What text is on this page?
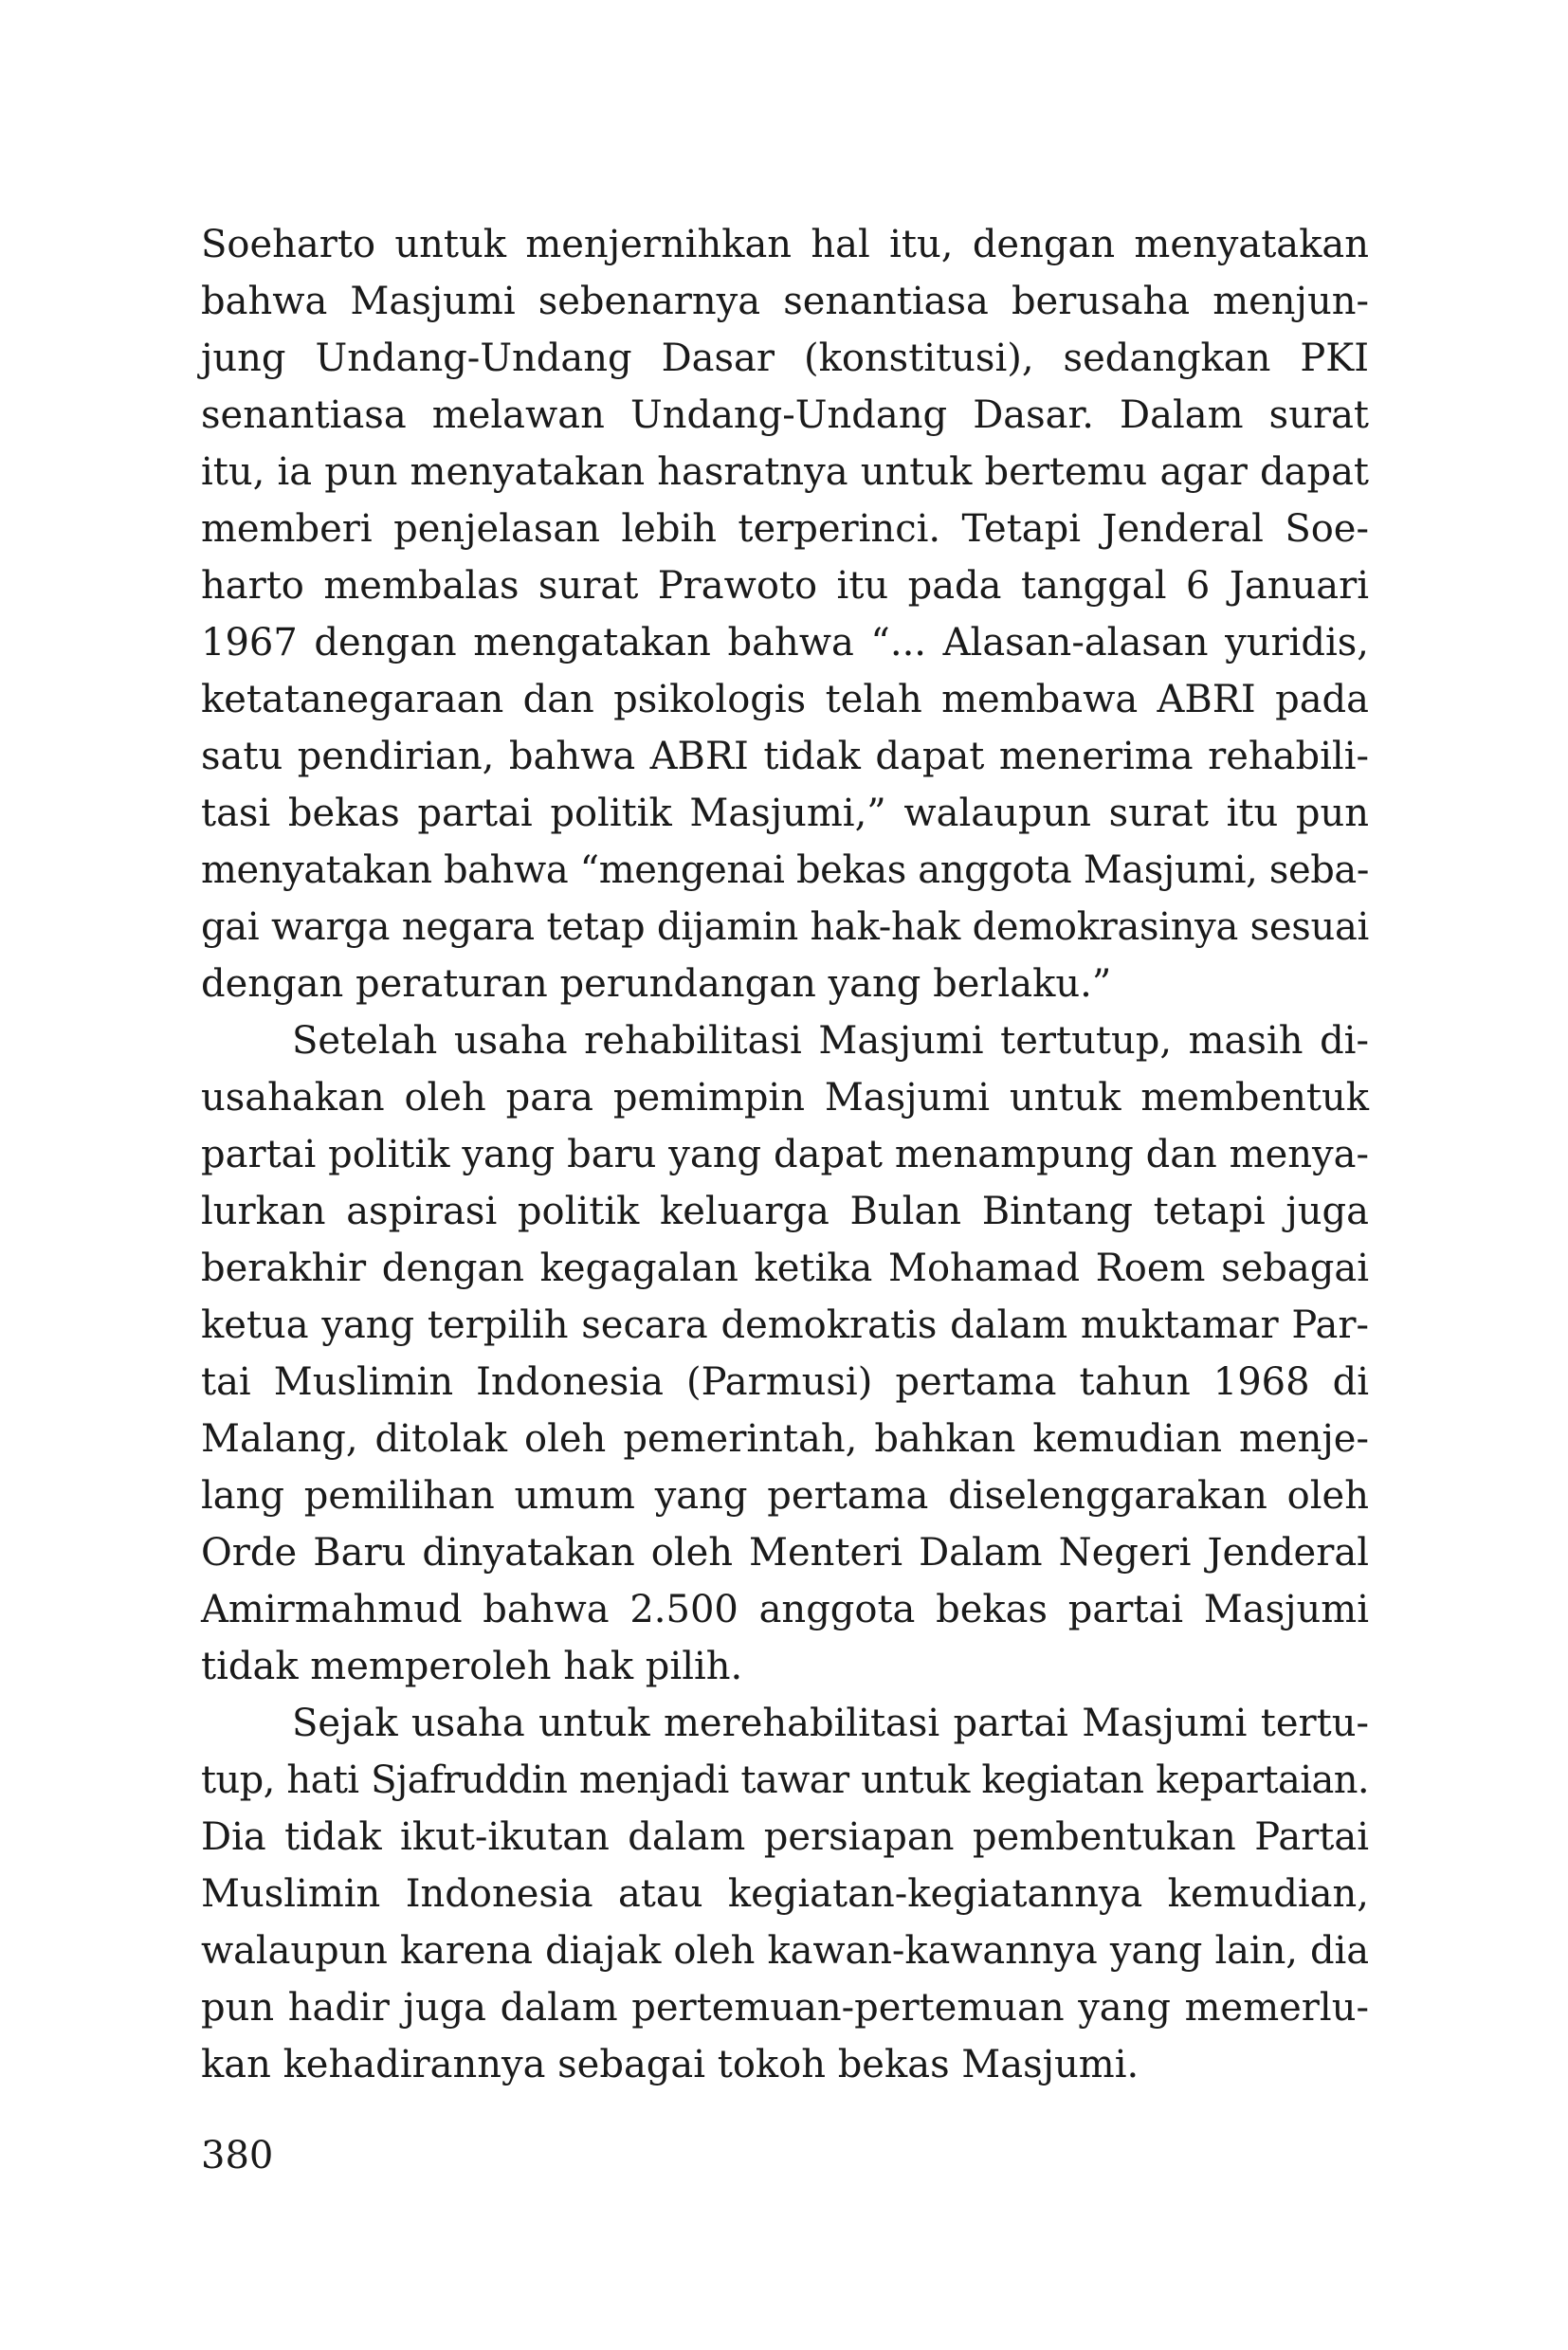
Soeharto untuk menjernihkan hal itu, dengan menyatakan
bahwa Masjumi sebenarnya senantiasa berusaha menjun-
jung Undang-Undang Dasar (konstitusi), sedangkan PKI
senantiasa melawan Undang-Undang Dasar. Dalam surat
itu, ia pun menyatakan hasratnya untuk bertemu agar dapat
memberi penjelasan lebih terperinci. Tetapi Jenderal Soe-
harto membalas surat Prawoto itu pada tanggal 6 Januari
1967 dengan mengatakan bahwa “... Alasan-alasan yuridis,
ketatanegaraan dan psikologis telah membawa ABRI pada
satu pendirian, bahwa ABRI tidak dapat menerima rehabili-
tasi bekas partai politik Masjumi,” walaupun surat itu pun
menyatakan bahwa “mengenai bekas anggota Masjumi, seba-
gai warga negara tetap dijamin hak-hak demokrasinya sesuai
dengan peraturan perundangan yang berlaku.”
Setelah usaha rehabilitasi Masjumi tertutup, masih di-
usahakan oleh para pemimpin Masjumi untuk membentuk
partai politik yang baru yang dapat menampung dan menya-
lurkan aspirasi politik keluarga Bulan Bintang tetapi juga
berakhir dengan kegagalan ketika Mohamad Roem sebagai
ketua yang terpilih secara demokratis dalam muktamar Par-
tai Muslimin Indonesia (Parmusi) pertama tahun 1968 di
Malang, ditolak oleh pemerintah, bahkan kemudian menje-
lang pemilihan umum yang pertama diselenggarakan oleh
Orde Baru dinyatakan oleh Menteri Dalam Negeri Jenderal
Amirmahmud bahwa 2.500 anggota bekas partai Masjumi
tidak memperoleh hak pilih.
Sejak usaha untuk merehabilitasi partai Masjumi tertu-
tup, hati Sjafruddin menjadi tawar untuk kegiatan kepartaian.
Dia tidak ikut-ikutan dalam persiapan pembentukan Partai
Muslimin Indonesia atau kegiatan-kegiatannya kemudian,
walaupun karena diajak oleh kawan-kawannya yang lain, dia
pun hadir juga dalam pertemuan-pertemuan yang memerlu-
kan kehadirannya sebagai tokoh bekas Masjumi.
380
